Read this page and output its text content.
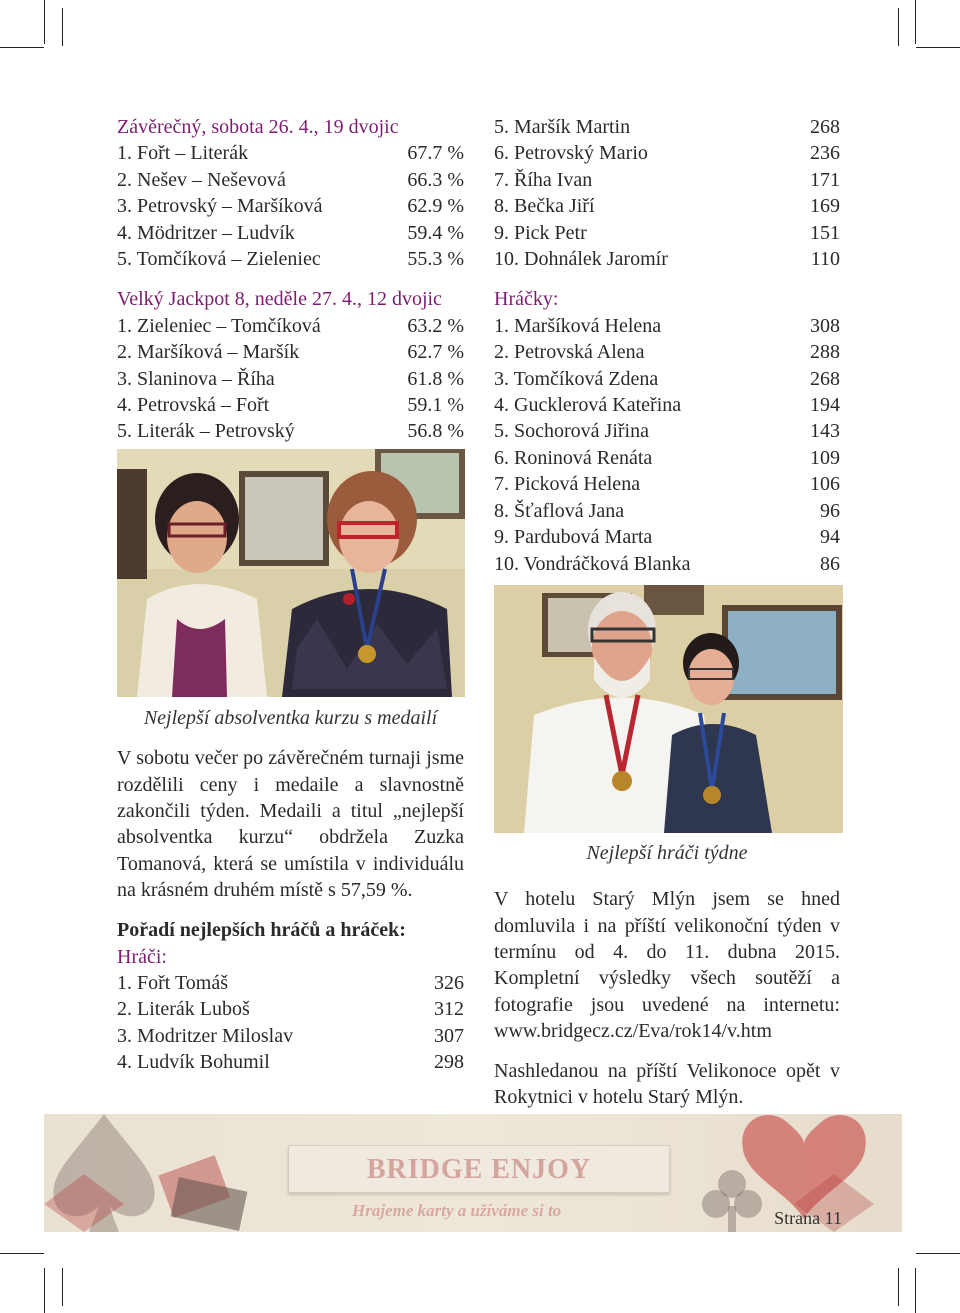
Závěrečný, sobota 26. 4., 19 dvojic
1. Fořt – Literák	67.7 %
2. Nešev – Nešev​ová	66.3 %
3. Petrovský – Maršíková	62.9 %
4. Mödritzer – Ludvík	59.4 %
5. Tomčíková – Zieleniec	55.3 %
Velký Jackpot 8, neděle 27. 4., 12 dvojic
1. Zieleniec – Tomčíková	63.2 %
2. Maršíková – Maršík	62.7 %
3. Slaninova – Říha	61.8 %
4. Petrovská – Fořt	59.1 %
5. Literák – Petrovský	56.8 %
Nejlepší absolventka kurzu s medailí
V sobotu večer po závěrečném turnaji jsme rozdělili ceny i medaile a slavnostně zakončili týden. Medaili a titul „nejlepší absolventka kurzu“ obdržela Zuzka Tomanová, která se umístila v individuálu na krásném druhém místě s 57,59 %.
Pořadí nejlepších hráčů a hráček:
Hráči:
1. Fořt Tomáš	326
2. Literák Luboš	312
3. Modritzer Miloslav	307
4. Ludvík Bohumil	298
5. Maršík Martin	268
6. Petrovský Mario	236
7. Říha Ivan	171
8. Bečka Jiří	169
9. Pick Petr	151
10. Dohnálek Jaromír	110
Hráčky:
1. Maršíková Helena	308
2. Petrovská Alena	288
3. Tomčíková Zdena	268
4. Gucklerová Kateřina	194
5. Sochorová Jiřina	143
6. Roninová Renáta	109
7. Picková Helena	106
8. Šťaflová Jana	96
9. Pardubová Marta	94
10. Vondráčková Blanka	86
Nejlepší hráči týdne
V hotelu Starý Mlýn jsem se hned domluvila i na příští velikonoční týden v termínu od 4. do 11. dubna 2015. Kompletní výsledky všech soutěží a fotografie jsou uvedené na internetu: www.bridgecz.cz/Eva/rok14/v.htm
Nashledanou na příští Velikonoce opět v Rokytnici v hotelu Starý Mlýn.
BRIDGE ENJOY
Hrajeme karty a užíváme si to	Strana 11
